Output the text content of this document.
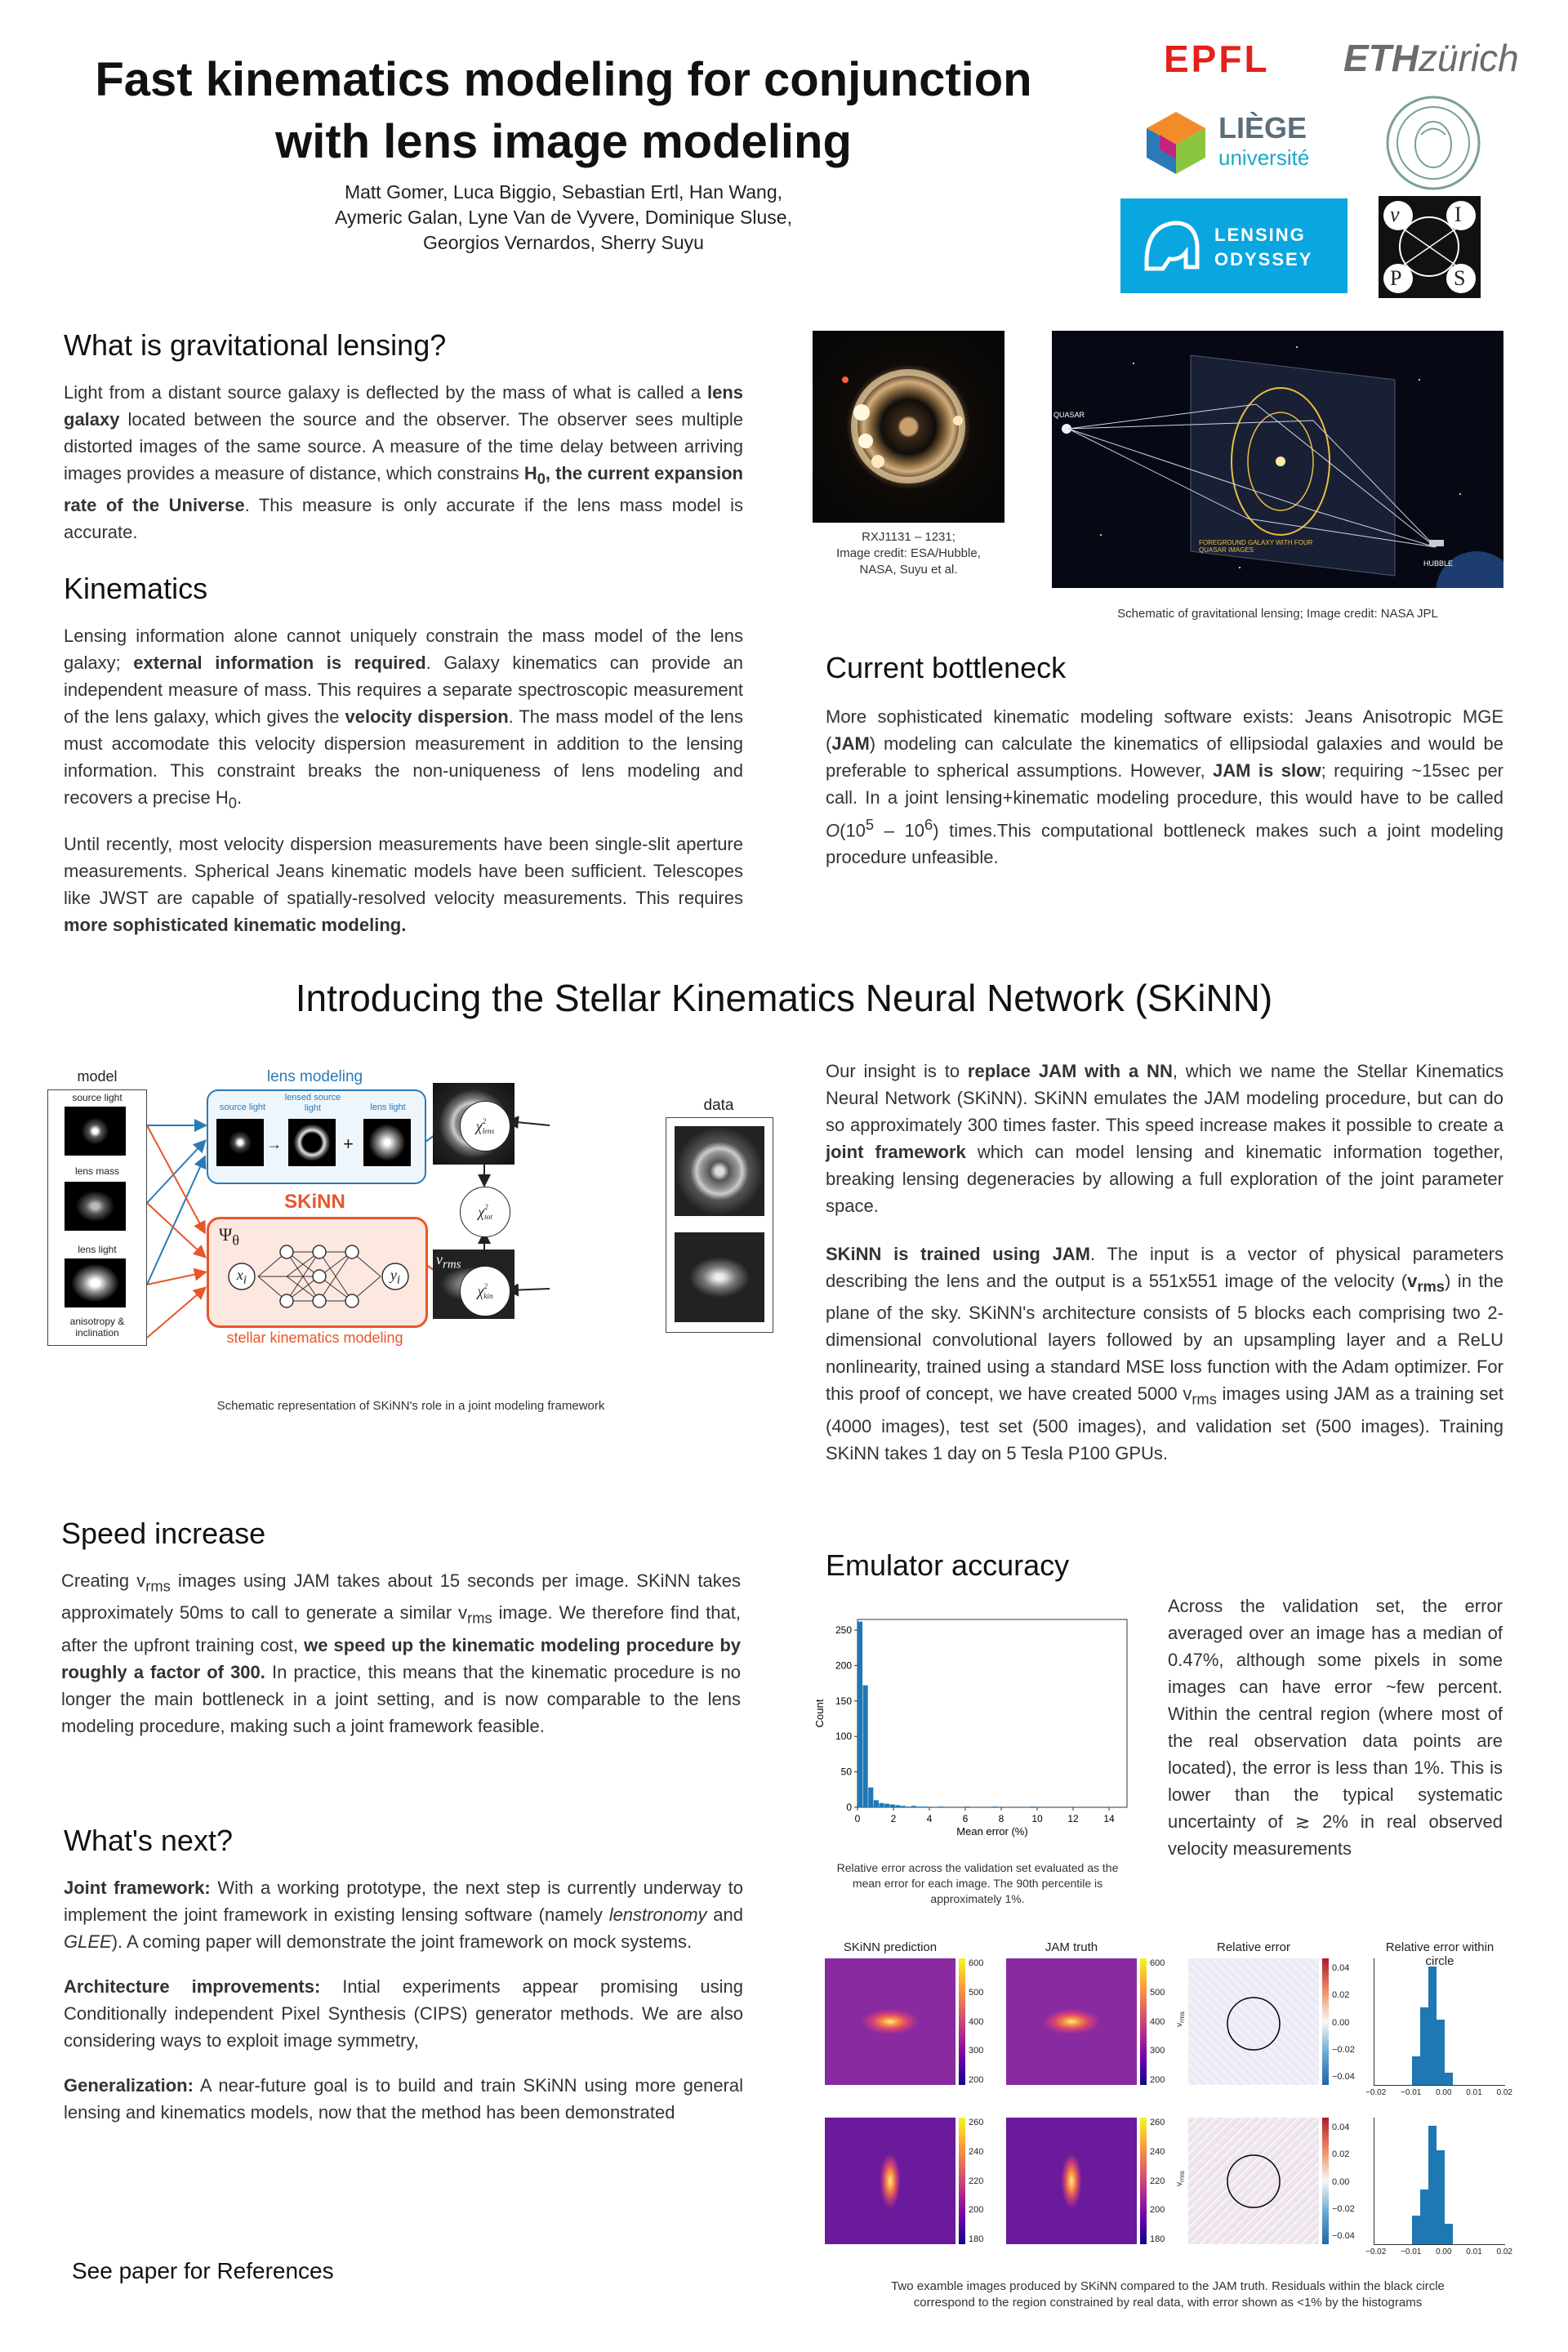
Fast kinematics modeling for conjunction
with lens image modeling
Matt Gomer, Luca Biggio, Sebastian Ertl, Han Wang,
Aymeric Galan, Lyne Van de Vyvere, Dominique Sluse,
Georgios Vernardos, Sherry Suyu
EPFL ETHzürich
LIÈGE
université
LENSING
ODYSSEY
ν	I
P S
What is gravitational lensing?

Light from a distant source galaxy is deflected by the mass of what is called a lens galaxy located between the source and the observer. The observer sees multiple distorted images of the same source. A measure of the time delay between arriving images provides a measure of distance, which constrains $H_0$, the current expansion rate of the Universe. This measure is only accurate if the lens mass model is accurate.

Kinematics

Lensing information alone cannot uniquely constrain the mass model of the lens galaxy; external information is required. Galaxy kinematics can provide an independent measure of mass. This requires a separate spectroscopic measurement of the lens galaxy, which gives the velocity dispersion. The mass model of the lens must accomodate this velocity dispersion measurement in addition to the lensing information. This constraint breaks the non-uniqueness of lens modeling and recovers a precise $H_0$.

Until recently, most velocity dispersion measurements have been single-slit aperture measurements. Spherical Jeans kinematic models have been sufficient. Telescopes like JWST are capable of spatially-resolved velocity measurements. This requires more sophisticated kinematic modeling.

RXJ1131 – 1231;
Image credit: ESA/Hubble,
NASA, Suyu et al.
QUASAR
FOREGROUND GALAXY WITH FOUR QUASAR IMAGES
HUBBLE
Schematic of gravitational lensing; Image credit: NASA JPL
Current bottleneck

More sophisticated kinematic modeling software exists: Jeans Anisotropic MGE (JAM) modeling can calculate the kinematics of ellipsiodal galaxies and would be preferable to spherical assumptions. However, JAM is slow; requiring ~15sec per call. In a joint lensing+kinematic modeling procedure, this would have to be called $O(10^5 - 10^6)$ times.This computational bottleneck makes such a joint modeling procedure unfeasible.

Introducing the Stellar Kinematics Neural Network (SKiNN)
model
source light
lens mass
lens light
anisotropy & inclination
lens modeling
source light
→
lensed source light
+
lens light
SKiNN
$\Psi_\theta$
$x_i$	$y_i$
stellar kinematics modeling
$v_{rms}$
χ 2
lens
χ 2
tot
χ 2
kin
data
Schematic representation of SKiNN's role in a joint modeling framework

Our insight is to replace JAM with a NN, which we name the Stellar Kinematics Neural Network (SKiNN). SKiNN emulates the JAM modeling procedure, but can do so approximately 300 times faster. This speed increase makes it possible to create a joint framework which can model lensing and kinematic information together, breaking lensing degeneracies by allowing a full exploration of the joint parameter space.

SKiNN is trained using JAM. The input is a vector of physical parameters describing the lens and the output is a 551x551 image of the velocity $(v_{rms})$ in the plane of the sky. SKiNN's architecture consists of 5 blocks each comprising two 2-dimensional convolutional layers followed by an upsampling layer and a ReLU nonlinearity, trained using a standard MSE loss function with the Adam optimizer. For this proof of concept, we have created 5000 $v_{rms}$ images using JAM as a training set (4000 images), test set (500 images), and validation set (500 images). Training SKiNN takes 1 day on 5 Tesla P100 GPUs.

Speed increase

Creating $v_{rms}$ images using JAM takes about 15 seconds per image. SKiNN takes approximately 50ms to call to generate a similar $v_{rms}$ image. We therefore find that, after the upfront training cost, we speed up the kinematic modeling procedure by roughly a factor of 300. In practice, this means that the kinematic procedure is no longer the main bottleneck in a joint setting, and is now comparable to the lens modeling procedure, making such a joint framework feasible.

What's next?

Joint framework: With a working prototype, the next step is currently underway to implement the joint framework in existing lensing software (namely lenstronomy and GLEE). A coming paper will demonstrate the joint framework on mock systems.

Architecture improvements: Intial experiments appear promising using Conditionally independent Pixel Synthesis (CIPS) generator methods. We are also considering ways to exploit image symmetry,

Generalization: A near-future goal is to build and train SKiNN using more general lensing and kinematics models, now that the method has been demonstrated

See paper for References
Emulator accuracy
0	2	4	6	8	10	12	14
0
50
100
150
200
250
Mean error (%)
Count
Relative error across the validation set evaluated as the mean error for each image. The 90th percentile is approximately 1%.

Across the validation set, the error averaged over an image has a median of 0.47%, although some pixels in some images can have error ~few percent. Within the central region (where most of the real observation data points are located), the error is less than 1%. This is lower than the typical systematic uncertainty of ≳ 2% in real observed velocity measurements

SKiNN prediction
600
500
400
300
200
JAM truth
600
500
400
300
200
$v_{rms}$
Relative error
0.04
0.02
0.00
−0.02
−0.04
Relative error within circle
−0.02 −0.01 0.00 0.01 0.02
260
240
220
200
180
260
240
220
200
180
$v_{rms}$
0.04
0.02
0.00
−0.02
−0.04
−0.02 −0.01 0.00 0.01 0.02
Two examble images produced by SKiNN compared to the JAM truth. Residuals within the black circle
correspond to the region constrained by real data, with error shown as <1% by the histograms
